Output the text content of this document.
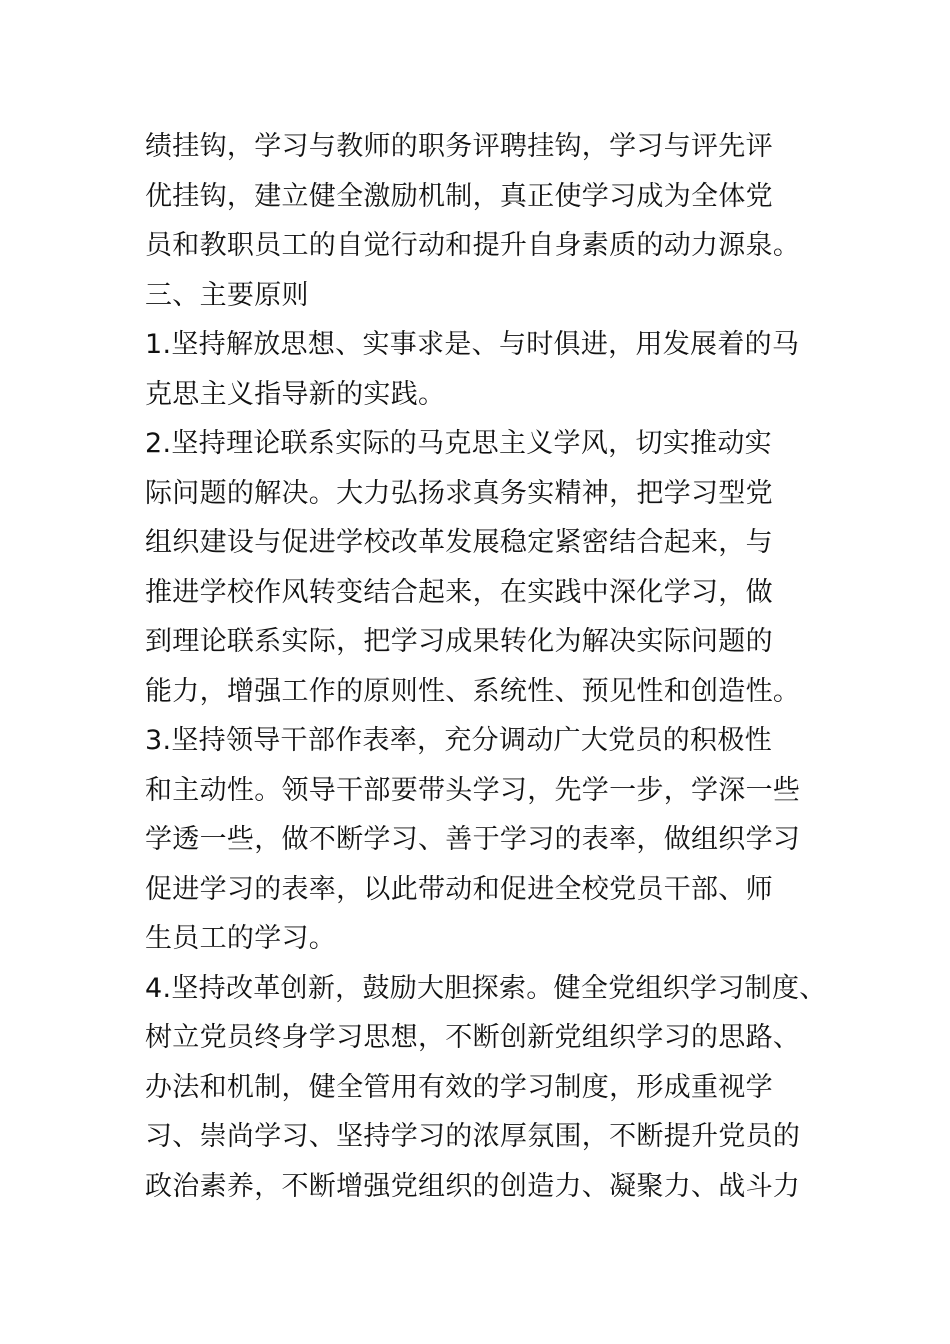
绩挂钩，学习与教师的职务评聘挂钩，学习与评先评
优挂钩，建立健全激励机制，真正使学习成为全体党
员和教职员工的自觉行动和提升自身素质的动力源泉。
三、主要原则
1.坚持解放思想、实事求是、与时俱进，用发展着的马
克思主义指导新的实践。
2.坚持理论联系实际的马克思主义学风，切实推动实
际问题的解决。大力弘扬求真务实精神，把学习型党
组织建设与促进学校改革发展稳定紧密结合起来，与
推进学校作风转变结合起来，在实践中深化学习，做
到理论联系实际，把学习成果转化为解决实际问题的
能力，增强工作的原则性、系统性、预见性和创造性。
3.坚持领导干部作表率，充分调动广大党员的积极性
和主动性。领导干部要带头学习，先学一步，学深一些
学透一些，做不断学习、善于学习的表率，做组织学习
促进学习的表率，以此带动和促进全校党员干部、师
生员工的学习。
4.坚持改革创新，鼓励大胆探索。健全党组织学习制度、
树立党员终身学习思想，不断创新党组织学习的思路、
办法和机制，健全管用有效的学习制度，形成重视学
习、崇尚学习、坚持学习的浓厚氛围，不断提升党员的
政治素养，不断增强党组织的创造力、凝聚力、战斗力
